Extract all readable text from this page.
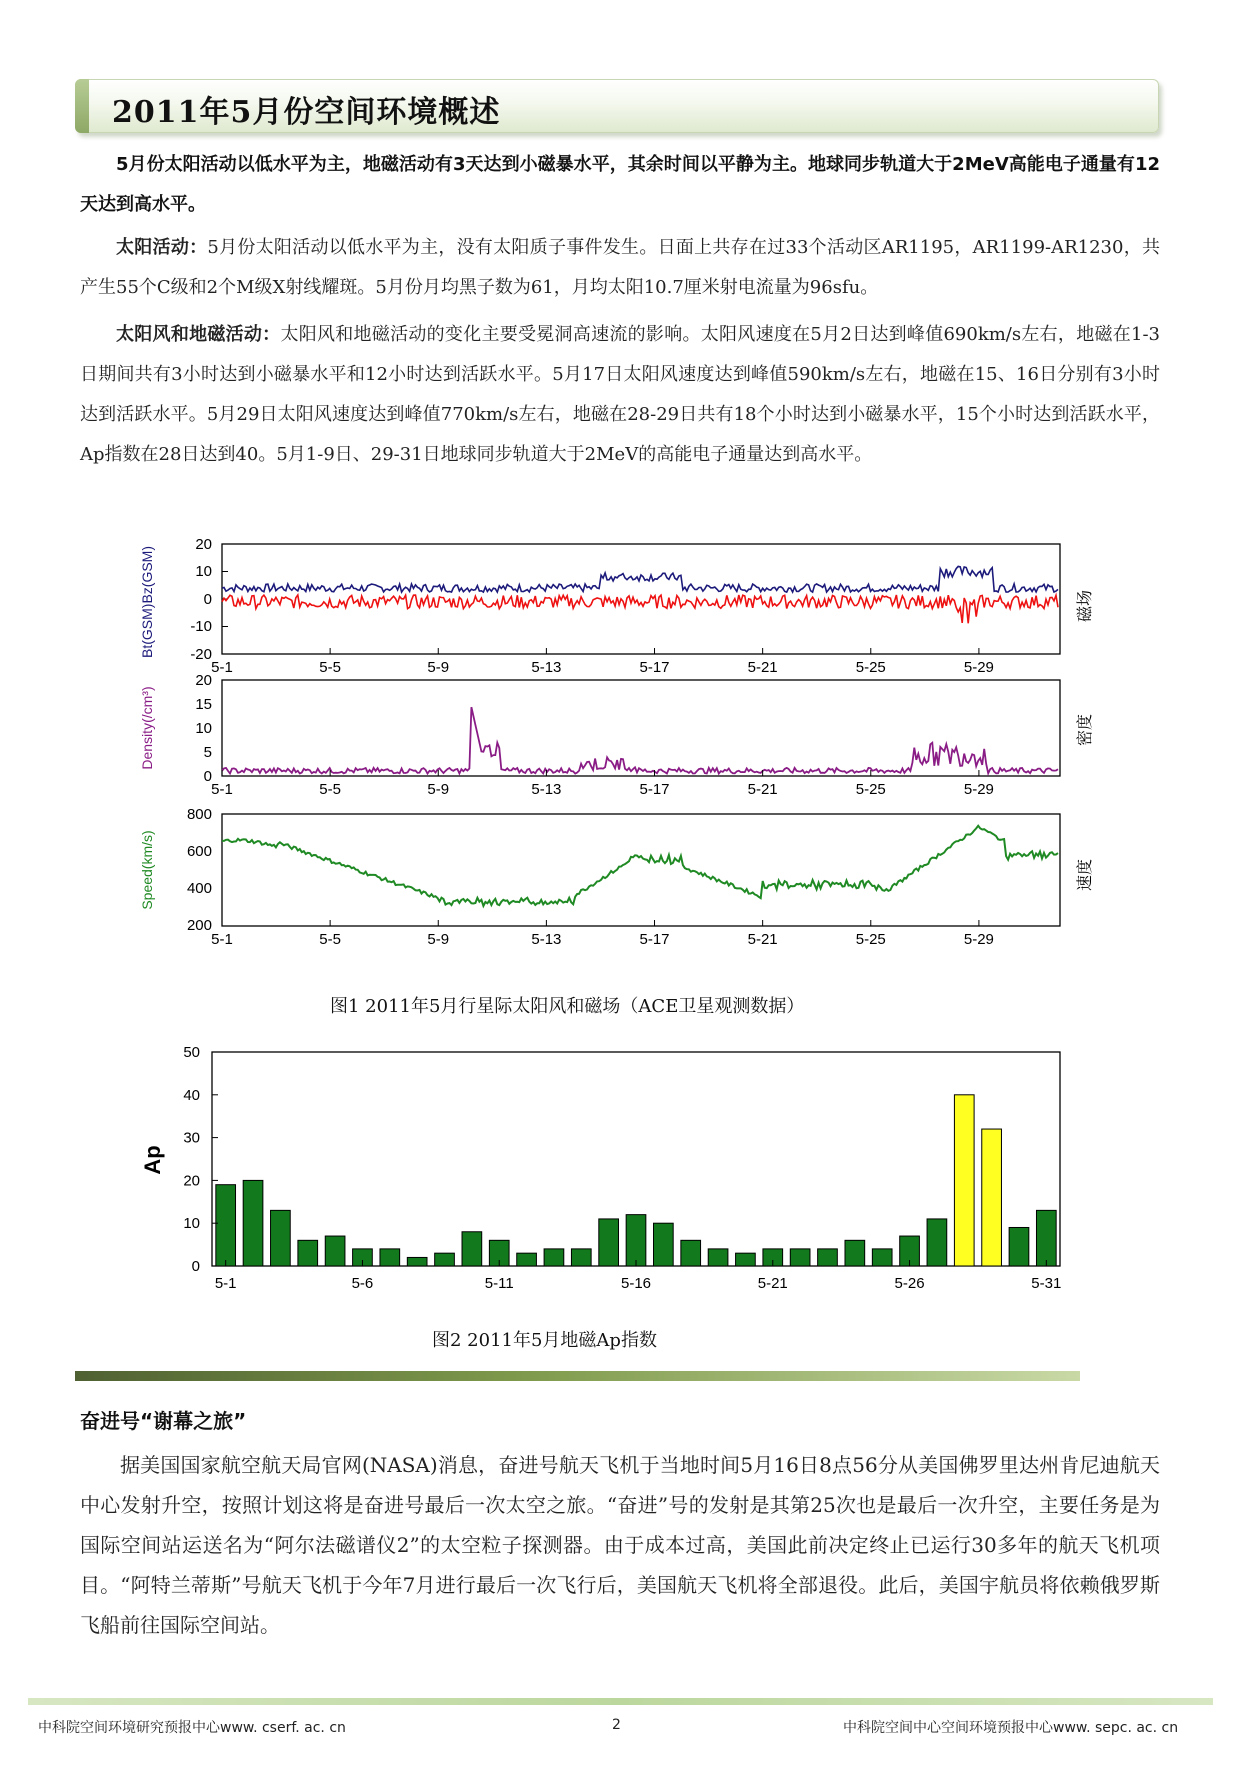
2011年5月份空间环境概述

5月份太阳活动以低水平为主，地磁活动有3天达到小磁暴水平，其余时间以平静为主。地球同步轨道大于2MeV高能电子通量有12天达到高水平。

太阳活动：5月份太阳活动以低水平为主，没有太阳质子事件发生。日面上共存在过33个活动区AR1195，AR1199-AR1230，共产生55个C级和2个M级X射线耀斑。5月份月均黑子数为61，月均太阳10.7厘米射电流量为96sfu。

太阳风和地磁活动：太阳风和地磁活动的变化主要受冕洞高速流的影响。太阳风速度在5月2日达到峰值690km/s左右，地磁在1-3日期间共有3小时达到小磁暴水平和12小时达到活跃水平。5月17日太阳风速度达到峰值590km/s左右，地磁在15、16日分别有3小时达到活跃水平。5月29日太阳风速度达到峰值770km/s左右，地磁在28-29日共有18个小时达到小磁暴水平，15个小时达到活跃水平，Ap指数在28日达到40。5月1-9日、29-31日地球同步轨道大于2MeV的高能电子通量达到高水平。

20
10
0
-10
-20
Bt(GSM)Bz(GSM)	磁场
5-1	5-5	5-9	5-13	5-17	5-21	5-25	5-29
20
15
10
5
0
Density(/cm³)	密度
5-1	5-5	5-9	5-13	5-17	5-21	5-25	5-29
800
600
400
200
Speed(km/s)	速度
5-1	5-5	5-9	5-13	5-17	5-21	5-25	5-29
图1 2011年5月行星际太阳风和磁场（ACE卫星观测数据）
0
10
20
30
40
50
5-1	5-6	5-11	5-16	5-21	5-26	5-31
Ap
图2 2011年5月地磁Ap指数
奋进号“谢幕之旅”

据美国国家航空航天局官网(NASA)消息，奋进号航天飞机于当地时间5月16日8点56分从美国佛罗里达州肯尼迪航天中心发射升空，按照计划这将是奋进号最后一次太空之旅。“奋进”号的发射是其第25次也是最后一次升空，主要任务是为国际空间站运送名为“阿尔法磁谱仪2”的太空粒子探测器。由于成本过高，美国此前决定终止已运行30多年的航天飞机项目。“阿特兰蒂斯”号航天飞机于今年7月进行最后一次飞行后，美国航天飞机将全部退役。此后，美国宇航员将依赖俄罗斯飞船前往国际空间站。

中科院空间环境研究预报中心www. cserf. ac. cn	2	中科院空间中心空间环境预报中心www. sepc. ac. cn
